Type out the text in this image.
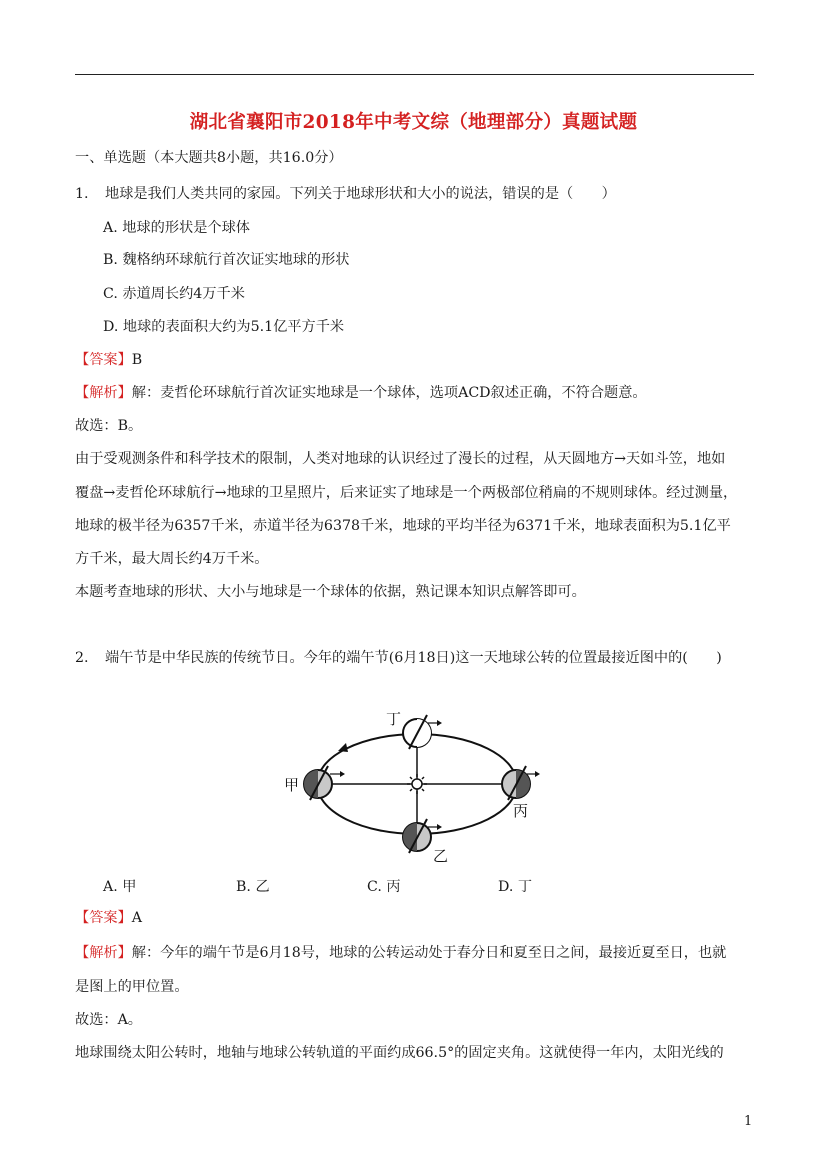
湖北省襄阳市2018年中考文综（地理部分）真题试题
一、单选题（本大题共8小题，共16.0分）
1. 地球是我们人类共同的家园。下列关于地球形状和大小的说法，错误的是（　　）
A. 地球的形状是个球体
B. 魏格纳环球航行首次证实地球的形状
C. 赤道周长约4万千米
D. 地球的表面积大约为5.1亿平方千米
【答案】B
【解析】解：麦哲伦环球航行首次证实地球是一个球体，选项ACD叙述正确，不符合题意。
故选：B。
由于受观测条件和科学技术的限制，人类对地球的认识经过了漫长的过程，从天圆地方→天如斗笠，地如
覆盘→麦哲伦环球航行→地球的卫星照片，后来证实了地球是一个两极部位稍扁的不规则球体。经过测量，
地球的极半径为6357千米，赤道半径为6378千米，地球的平均半径为6371千米，地球表面积为5.1亿平
方千米，最大周长约4万千米。
本题考查地球的形状、大小与地球是一个球体的依据，熟记课本知识点解答即可。
2. 端午节是中华民族的传统节日。今年的端午节(6月18日)这一天地球公转的位置最接近图中的(　　)
甲
乙
丙
丁
A. 甲	B. 乙	C. 丙	D. 丁
【答案】A
【解析】解：今年的端午节是6月18号，地球的公转运动处于春分日和夏至日之间，最接近夏至日，也就
是图上的甲位置。
故选：A。
地球围绕太阳公转时，地轴与地球公转轨道的平面约成66.5°的固定夹角。这就使得一年内，太阳光线的
1
